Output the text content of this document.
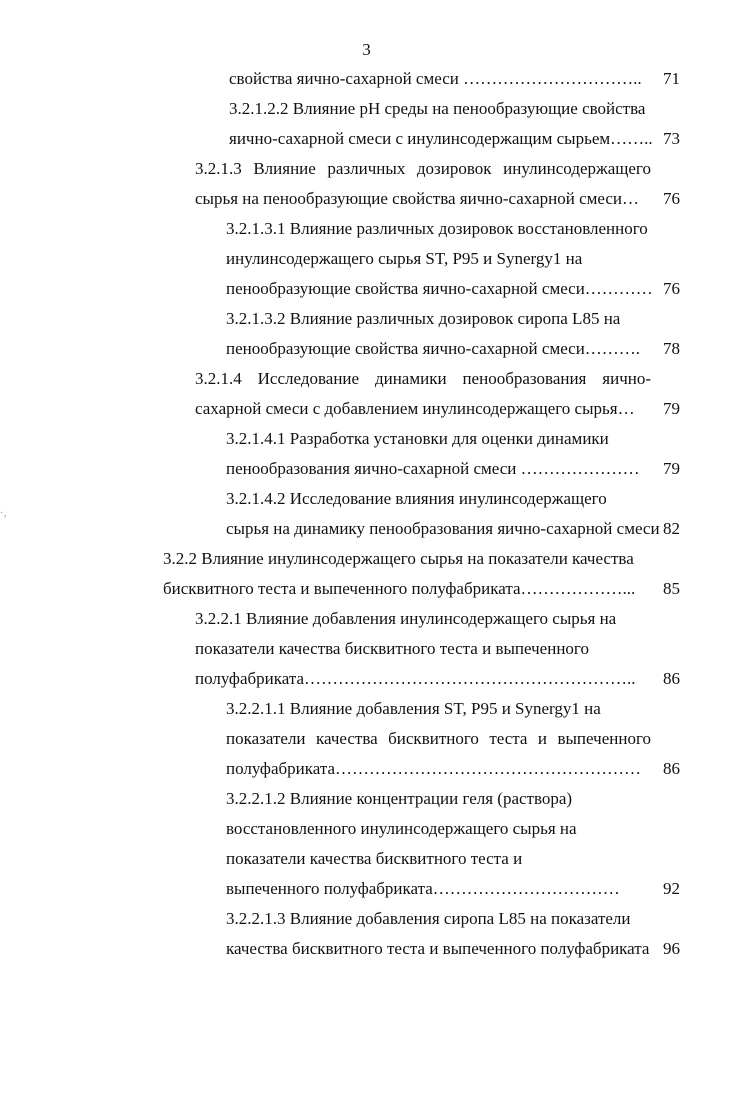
3
·‚
свойства яично-сахарной смеси …………………………..	71
3.2.1.2.2 Влияние pH среды на пенообразующие свойства
яично-сахарной смеси с инулинсодержащим сырьем…….. 73
3.2.1.3 Влияние различных дозировок инулинсодержащего
сырья на пенообразующие свойства яично-сахарной смеси…	76
3.2.1.3.1 Влияние различных дозировок восстановленного
инулинсодержащего сырья ST, P95 и Synergy1 на
пенообразующие свойства яично-сахарной смеси………… 76
3.2.1.3.2 Влияние различных дозировок сиропа L85 на
пенообразующие свойства яично-сахарной смеси……….	78
3.2.1.4 Исследование динамики пенообразования яично-
сахарной смеси с добавлением инулинсодержащего сырья…	79
3.2.1.4.1 Разработка установки для оценки динамики
пенообразования яично-сахарной смеси …………………	79
3.2.1.4.2 Исследование влияния инулинсодержащего
сырья на динамику пенообразования яично-сахарной смеси 82
3.2.2 Влияние инулинсодержащего сырья на показатели качества
бисквитного теста и выпеченного полуфабриката………………...	85
3.2.2.1 Влияние добавления инулинсодержащего сырья на
показатели качества бисквитного теста и выпеченного
полуфабриката…………………………………………………..	86
3.2.2.1.1 Влияние добавления ST, P95 и Synergy1 на
показатели качества бисквитного теста и выпеченного
полуфабриката………………………………………………	86
3.2.2.1.2 Влияние концентрации геля (раствора)
восстановленного инулинсодержащего сырья на
показатели качества бисквитного теста и
выпеченного полуфабриката……………………………	92
3.2.2.1.3 Влияние добавления сиропа L85 на показатели
качества бисквитного теста и выпеченного полуфабриката 96
